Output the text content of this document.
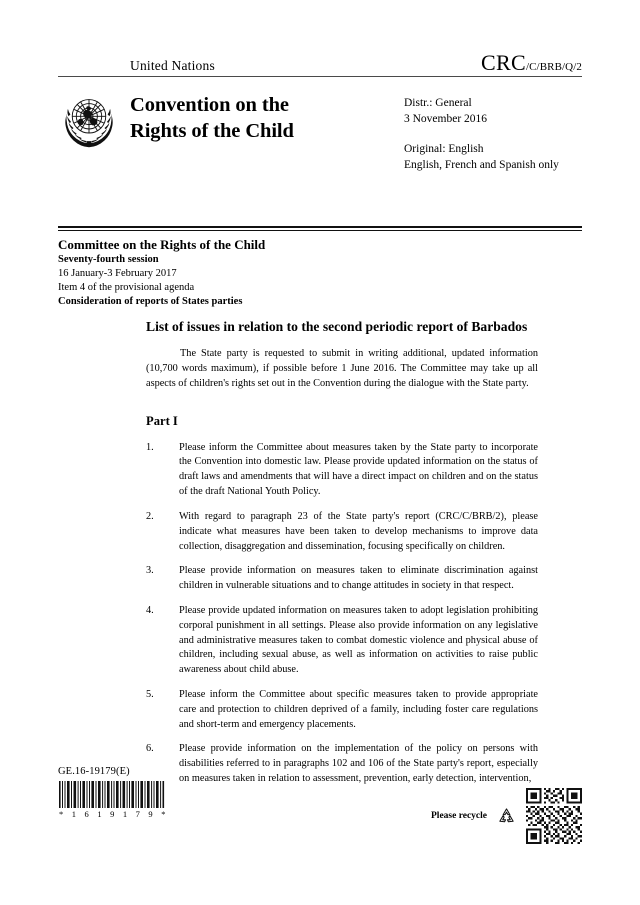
United Nations	CRC/C/BRB/Q/2
Convention on the
Rights of the Child
Distr.: General
3 November 2016
Original: English
English, French and Spanish only
Committee on the Rights of the Child
Seventy-fourth session
16 January-3 February 2017
Item 4 of the provisional agenda
Consideration of reports of States parties
List of issues in relation to the second periodic report of Barbados

The State party is requested to submit in writing additional, updated information (10,700 words maximum), if possible before 1 June 2016. The Committee may take up all aspects of children's rights set out in the Convention during the dialogue with the State party.

Part I
1.	Please inform the Committee about measures taken by the State party to incorporate the Convention into domestic law. Please provide updated information on the status of draft laws and amendments that will have a direct impact on children and on the status of the draft National Youth Policy.
2.	With regard to paragraph 23 of the State party's report (CRC/C/BRB/2), please indicate what measures have been taken to develop mechanisms to improve data collection, disaggregation and dissemination, focusing specifically on children.
3.	Please provide information on measures taken to eliminate discrimination against children in vulnerable situations and to change attitudes in society in that respect.
4.	Please provide updated information on measures taken to adopt legislation prohibiting corporal punishment in all settings. Please also provide information on any legislative and administrative measures taken to combat domestic violence and physical abuse of children, including sexual abuse, as well as information on activities to raise public awareness about child abuse.
5.	Please inform the Committee about specific measures taken to provide appropriate care and protection to children deprived of a family, including foster care regulations and short-term and emergency placements.
6.	Please provide information on the implementation of the policy on persons with disabilities referred to in paragraphs 102 and 106 of the State party's report, especially on measures taken in relation to assessment, prevention, early detection, intervention,
GE.16-19179(E)
* 1 6 1 9 1 7 9 *	Please recycle
